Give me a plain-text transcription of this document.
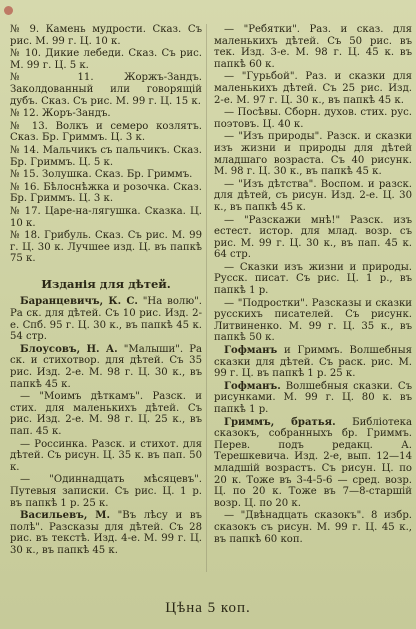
№ 9. Камень мудрости. Сказ. Съ рис. М. 99 г. Ц. 10 к.

№ 10. Дикие лебеди. Сказ. Съ рис. М. 99 г. Ц. 5 к.

№ 11. Жоржъ-Зандъ. Заколдованный или говорящій дубъ. Сказ. Съ рис. М. 99 г. Ц. 15 к.

№ 12. Жоръ-Зандъ.

№ 13. Волкъ и семеро козлятъ. Сказ. Бр. Гриммъ. Ц. 3 к.

№ 14. Мальчикъ съ пальчикъ. Сказ. Бр. Гриммъ. Ц. 5 к.

№ 15. Золушка. Сказ. Бр. Гриммъ.

№ 16. Бѣлоснѣжка и розочка. Сказ. Бр. Гриммъ. Ц. 3 к.

№ 17. Царе-на-лягушка. Сказка. Ц. 10 к.

№ 18. Грибуль. Сказ. Съ рис. М. 99 г. Ц. 30 к. Лучшее изд. Ц. въ папкѣ 75 к.

Изданія для дѣтей.

Баранцевичъ, К. С. "На волю". Ра ск. для дѣтей. Съ 10 рис. Изд. 2-е. Спб. 95 г. Ц. 30 к., въ папкѣ 45 к. 54 стр.

Блоусовъ, Н. А. "Малыши". Ра ск. и стихотвор. для дѣтей. Съ 35 рис. Изд. 2-е. М. 98 г. Ц. 30 к., въ папкѣ 45 к.

— "Моимъ дѣткамъ". Разск. и стих. для маленькихъ дѣтей. Съ рис. Изд. 2-е. М. 98 г. Ц. 25 к., въ пап. 45 к.

— Россинка. Разск. и стихот. для дѣтей. Съ рисун. Ц. 35 к. въ пап. 50 к.

— "Одиннадцать мѣсяцевъ". Путевыя записки. Съ рис. Ц. 1 р. въ папкѣ 1 р. 25 к.

Васильевъ, М. "Въ лѣсу и въ полѣ". Разсказы для дѣтей. Съ 28 рис. въ текстѣ. Изд. 4-е. М. 99 г. Ц. 30 к., въ папкѣ 45 к.

— "Ребятки". Раз. и сказ. для маленькихъ дѣтей. Съ 50 рис. въ тек. Изд. 3-е. М. 98 г. Ц. 45 к. въ папкѣ 60 к.

— "Гурьбой". Раз. и сказки для маленькихъ дѣтей. Съ 25 рис. Изд. 2-е. М. 97 г. Ц. 30 к., въ папкѣ 45 к.

— Посѣвы. Сборн. духов. стих. рус. поэтовъ. Ц. 40 к.

— "Изъ природы". Разск. и сказки изъ жизни и природы для дѣтей младшаго возраста. Съ 40 рисунк. М. 98 г. Ц. 30 к., въ папкѣ 45 к.

— "Изъ дѣтства". Воспом. и разск. для дѣтей, съ рисун. Изд. 2-е. Ц. 30 к., въ папкѣ 45 к.

— "Разскажи мнѣ!" Разск. изъ естест. истор. для млад. возр. съ рис. М. 99 г. Ц. 30 к., въ пап. 45 к. 64 стр.

— Сказки изъ жизни и природы. Русск. писат. Съ рис. Ц. 1 р., въ папкѣ 1 р.

— "Подростки". Разсказы и сказки русскихъ писателей. Съ рисунк. Литвиненко. М. 99 г. Ц. 35 к., въ папкѣ 50 к.

Гофманъ и Гриммъ. Волшебныя сказки для дѣтей. Съ раск. рис. М. 99 г. Ц. въ папкѣ 1 р. 25 к.

Гофманъ. Волшебныя сказки. Съ рисунками. М. 99 г. Ц. 80 к. въ папкѣ 1 р.

Гриммъ, братья. Библіотека сказокъ, собранныхъ бр. Гриммъ. Перев. подъ редакц. А. Терешкевича. Изд. 2-е, вып. 12—14 младшій возрастъ. Съ рисун. Ц. по 20 к. Тоже въ 3-4-5-6 — сред. возр. Ц. по 20 к. Тоже въ 7—8-старшій возр. Ц. по 20 к.

— "Двѣнадцать сказокъ". 8 избр. сказокъ съ рисун. М. 99 г. Ц. 45 к., въ папкѣ 60 коп.

Цѣна 5 коп.
